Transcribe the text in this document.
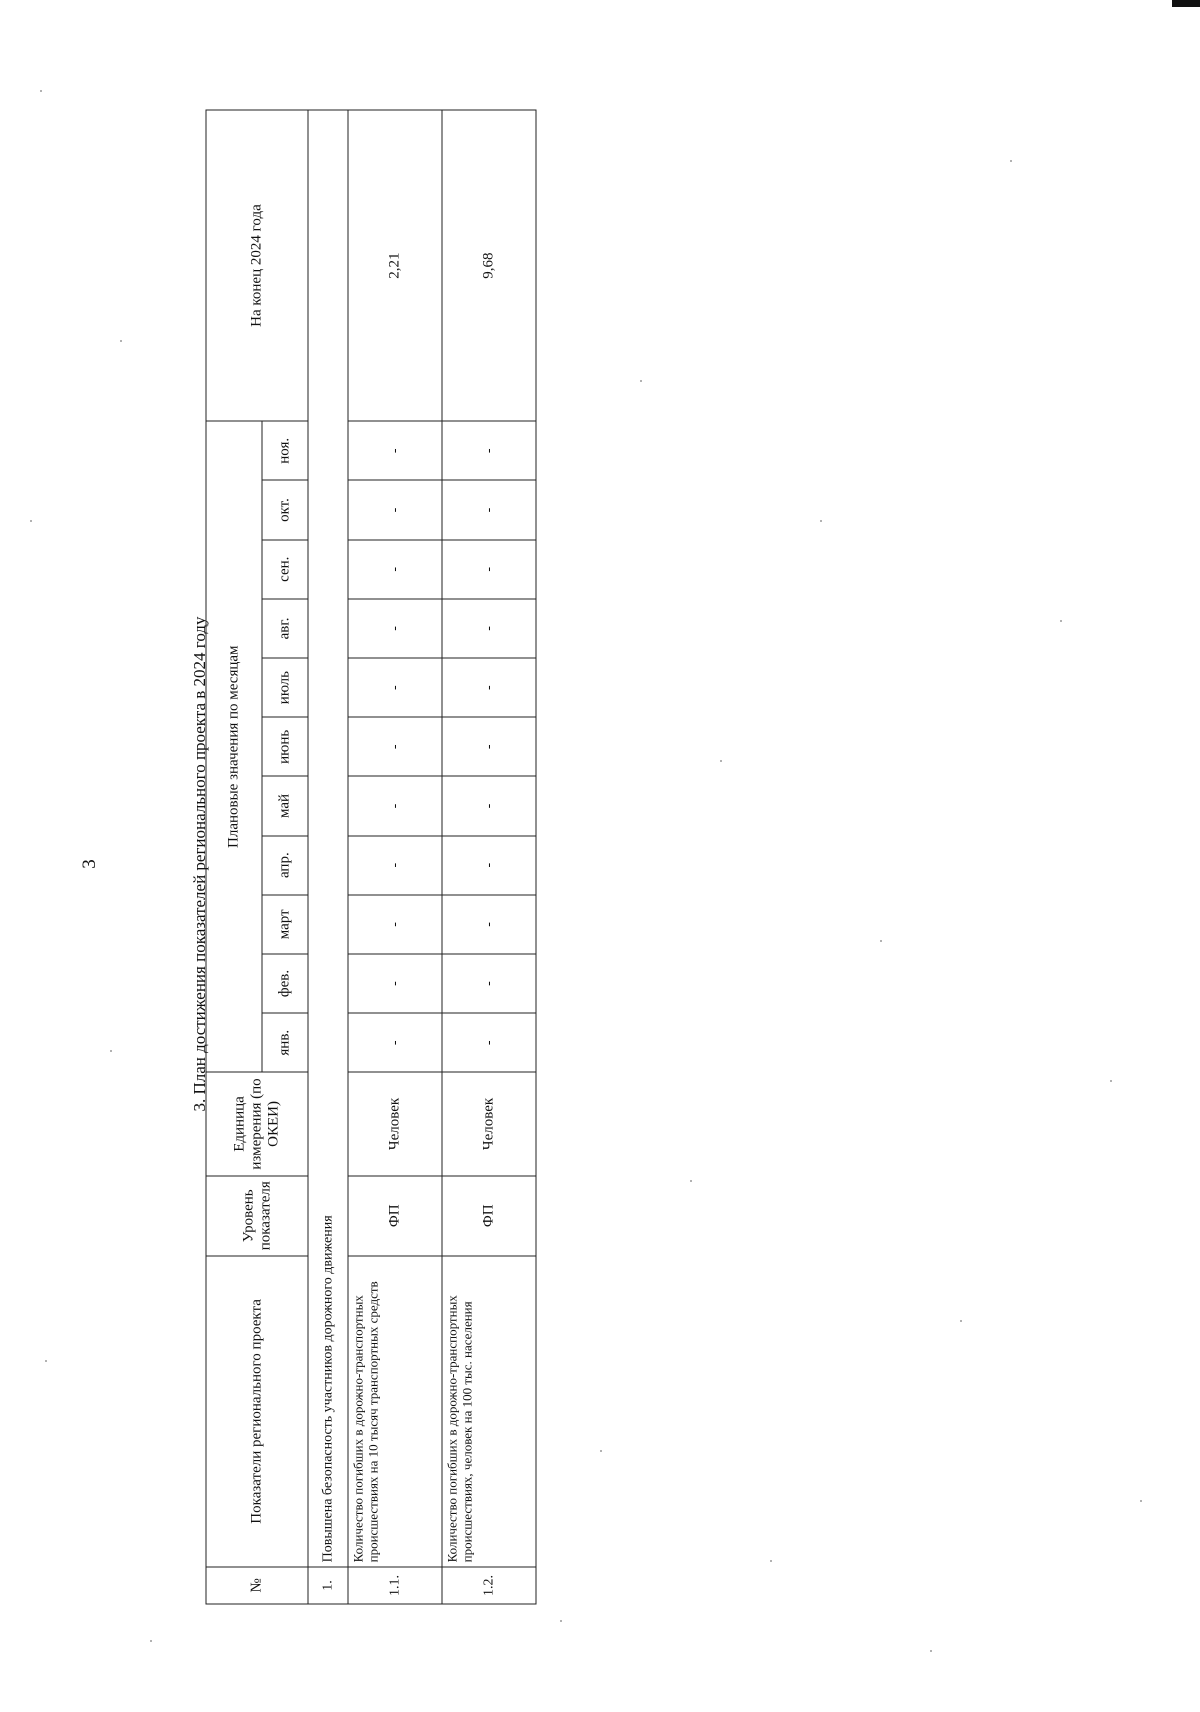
3	3. План достижения показателей регионального проекта в 2024 году
№	Показатели регионального проекта	Уровень показателя	Единица измерения (по ОКЕИ)	Плановые значения по месяцам											На конец 2024 года
				янв.	фев.	март	апр.	май	июнь	июль	авг.	сен.	окт.	ноя.	
1.	Повышена безопасность участников дорожного движения														
1.1.	Количество погибших в дорожно-транспортных происшествиях на 10 тысяч транспортных средств	ФП	Человек	-	-	-	-	-	-	-	-	-	-	-	2,21
1.2.	Количество погибших в дорожно-транспортных происшествиях, человек на 100 тыс. населения	ФП	Человек	-	-	-	-	-	-	-	-	-	-	-	9,68
